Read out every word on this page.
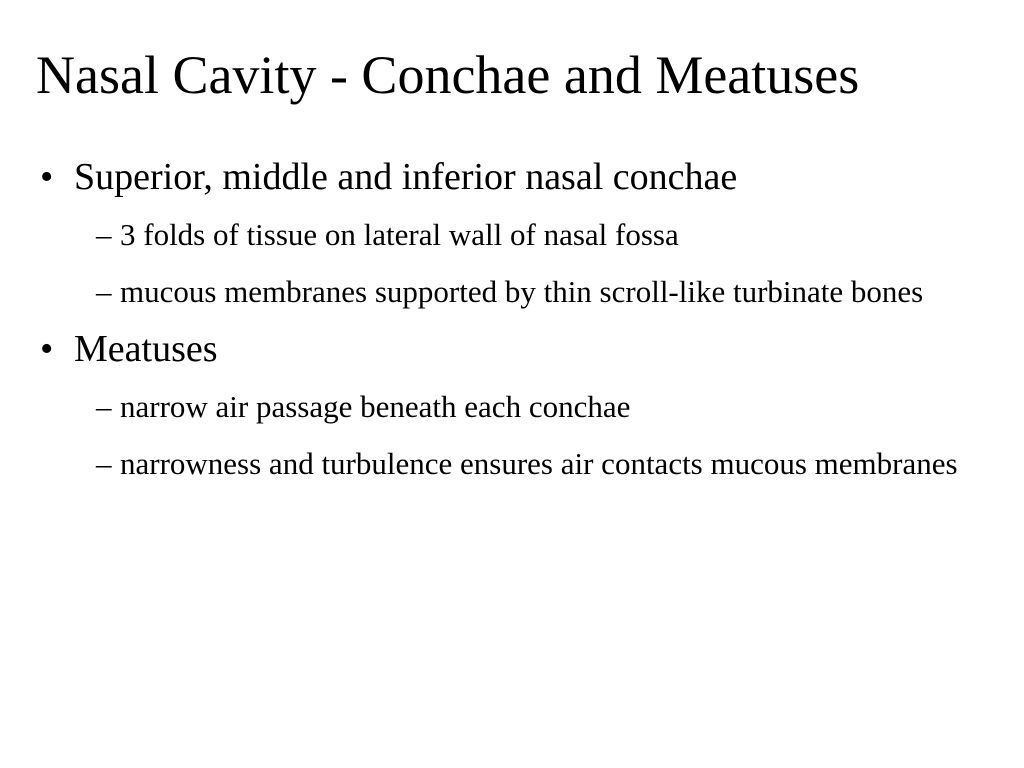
Nasal Cavity - Conchae and Meatuses
• Superior, middle and inferior nasal conchae
– 3 folds of tissue on lateral wall of nasal fossa
– mucous membranes supported by thin scroll-like turbinate bones
• Meatuses
– narrow air passage beneath each conchae
– narrowness and turbulence ensures air contacts mucous membranes
